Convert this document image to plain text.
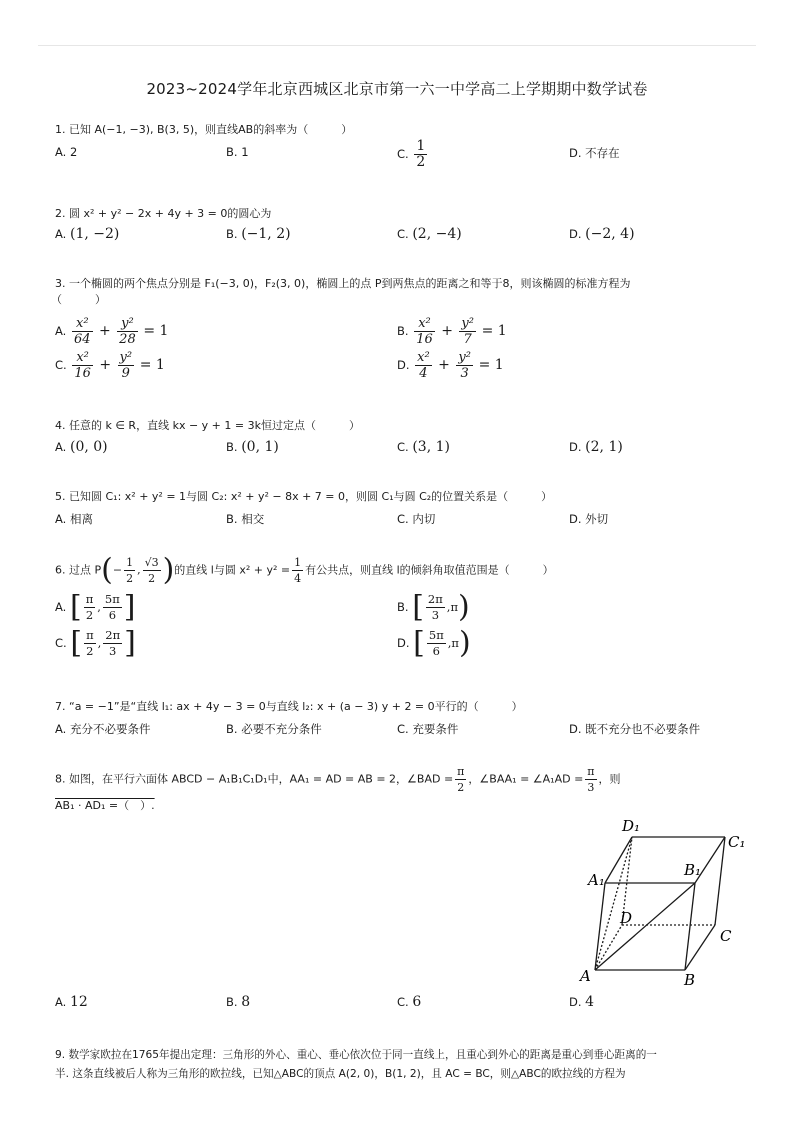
2023~2024学年北京西城区北京市第一六一中学高二上学期期中数学试卷
1. 已知 A(−1, −3), B(3, 5)，则直线AB的斜率为（　　　）
A. 2	B. 1	C. $\frac{1}{2}$	D. 不存在
2. 圆 x² + y² − 2x + 4y + 3 = 0的圆心为
A. (1, −2)	B. (−1, 2)	C. (2, −4)	D. (−2, 4)
3. 一个椭圆的两个焦点分别是 F₁(−3, 0)，F₂(3, 0)，椭圆上的点 P到两焦点的距离之和等于8，则该椭圆的标准方程为
（　　　）
A. $\frac{\text{x²}}{64} + \frac{\text{y²}}{28} = 1$	B. $\frac{\text{x²}}{16} + \frac{\text{y²}}{7} = 1$
C. $\frac{\text{x²}}{16} + \frac{\text{y²}}{9} = 1$	D. $\frac{\text{x²}}{4} + \frac{\text{y²}}{3} = 1$
4. 任意的 k ∈ R，直线 kx − y + 1 = 3k恒过定点（　　　）
A. (0, 0)	B. (0, 1)	C. (3, 1)	D. (2, 1)
5. 已知圆 C₁: x² + y² = 1与圆 C₂: x² + y² − 8x + 7 = 0，则圆 C₁与圆 C₂的位置关系是（　　　）
A. 相离	B. 相交	C. 内切	D. 外切
6. 过点 $P(- \frac{1}{2}$ , $\frac{√3}{2}$ )的直线 l与圆 $x^2 + y^2 = \frac{1}{4}$ 有公共点，则直线 l的倾斜角取值范围是（　　　）
A. [ $\frac{\pi}{2}$ , $\frac{5\pi}{6}$ ]	B. [ $\frac{2\pi}{3} ,\pi$)
C. [ $\frac{\pi}{2}$ , $\frac{2\pi}{3}$ ]	D. [ $\frac{5\pi}{6} ,\pi$)
7. “a = −1”是“直线 l₁: ax + 4y − 3 = 0与直线 l₂: x + (a − 3) y + 2 = 0平行的（　　　）
A. 充分不必要条件	B. 必要不充分条件	C. 充要条件	D. 既不充分也不必要条件
8. 如图，在平行六面体 ABCD − A₁B₁C₁D₁中，AA₁ = AD = AB = 2，∠BAD = $\frac{\pi}{2}$ ，∠BAA₁ = ∠A₁AD = $\frac{\pi}{3}$ ，则
AB₁ · AD₁ =（　）.
A	B
C
D
A₁
B₁
C₁
D₁
A. 12	B. 8	C. 6	D. 4
9. 数学家欧拉在1765年提出定理：三角形的外心、重心、垂心依次位于同一直线上，且重心到外心的距离是重心到垂心距离的一
半. 这条直线被后人称为三角形的欧拉线，已知△ABC的顶点 A(2, 0)，B(1, 2)，且 AC = BC，则△ABC的欧拉线的方程为
